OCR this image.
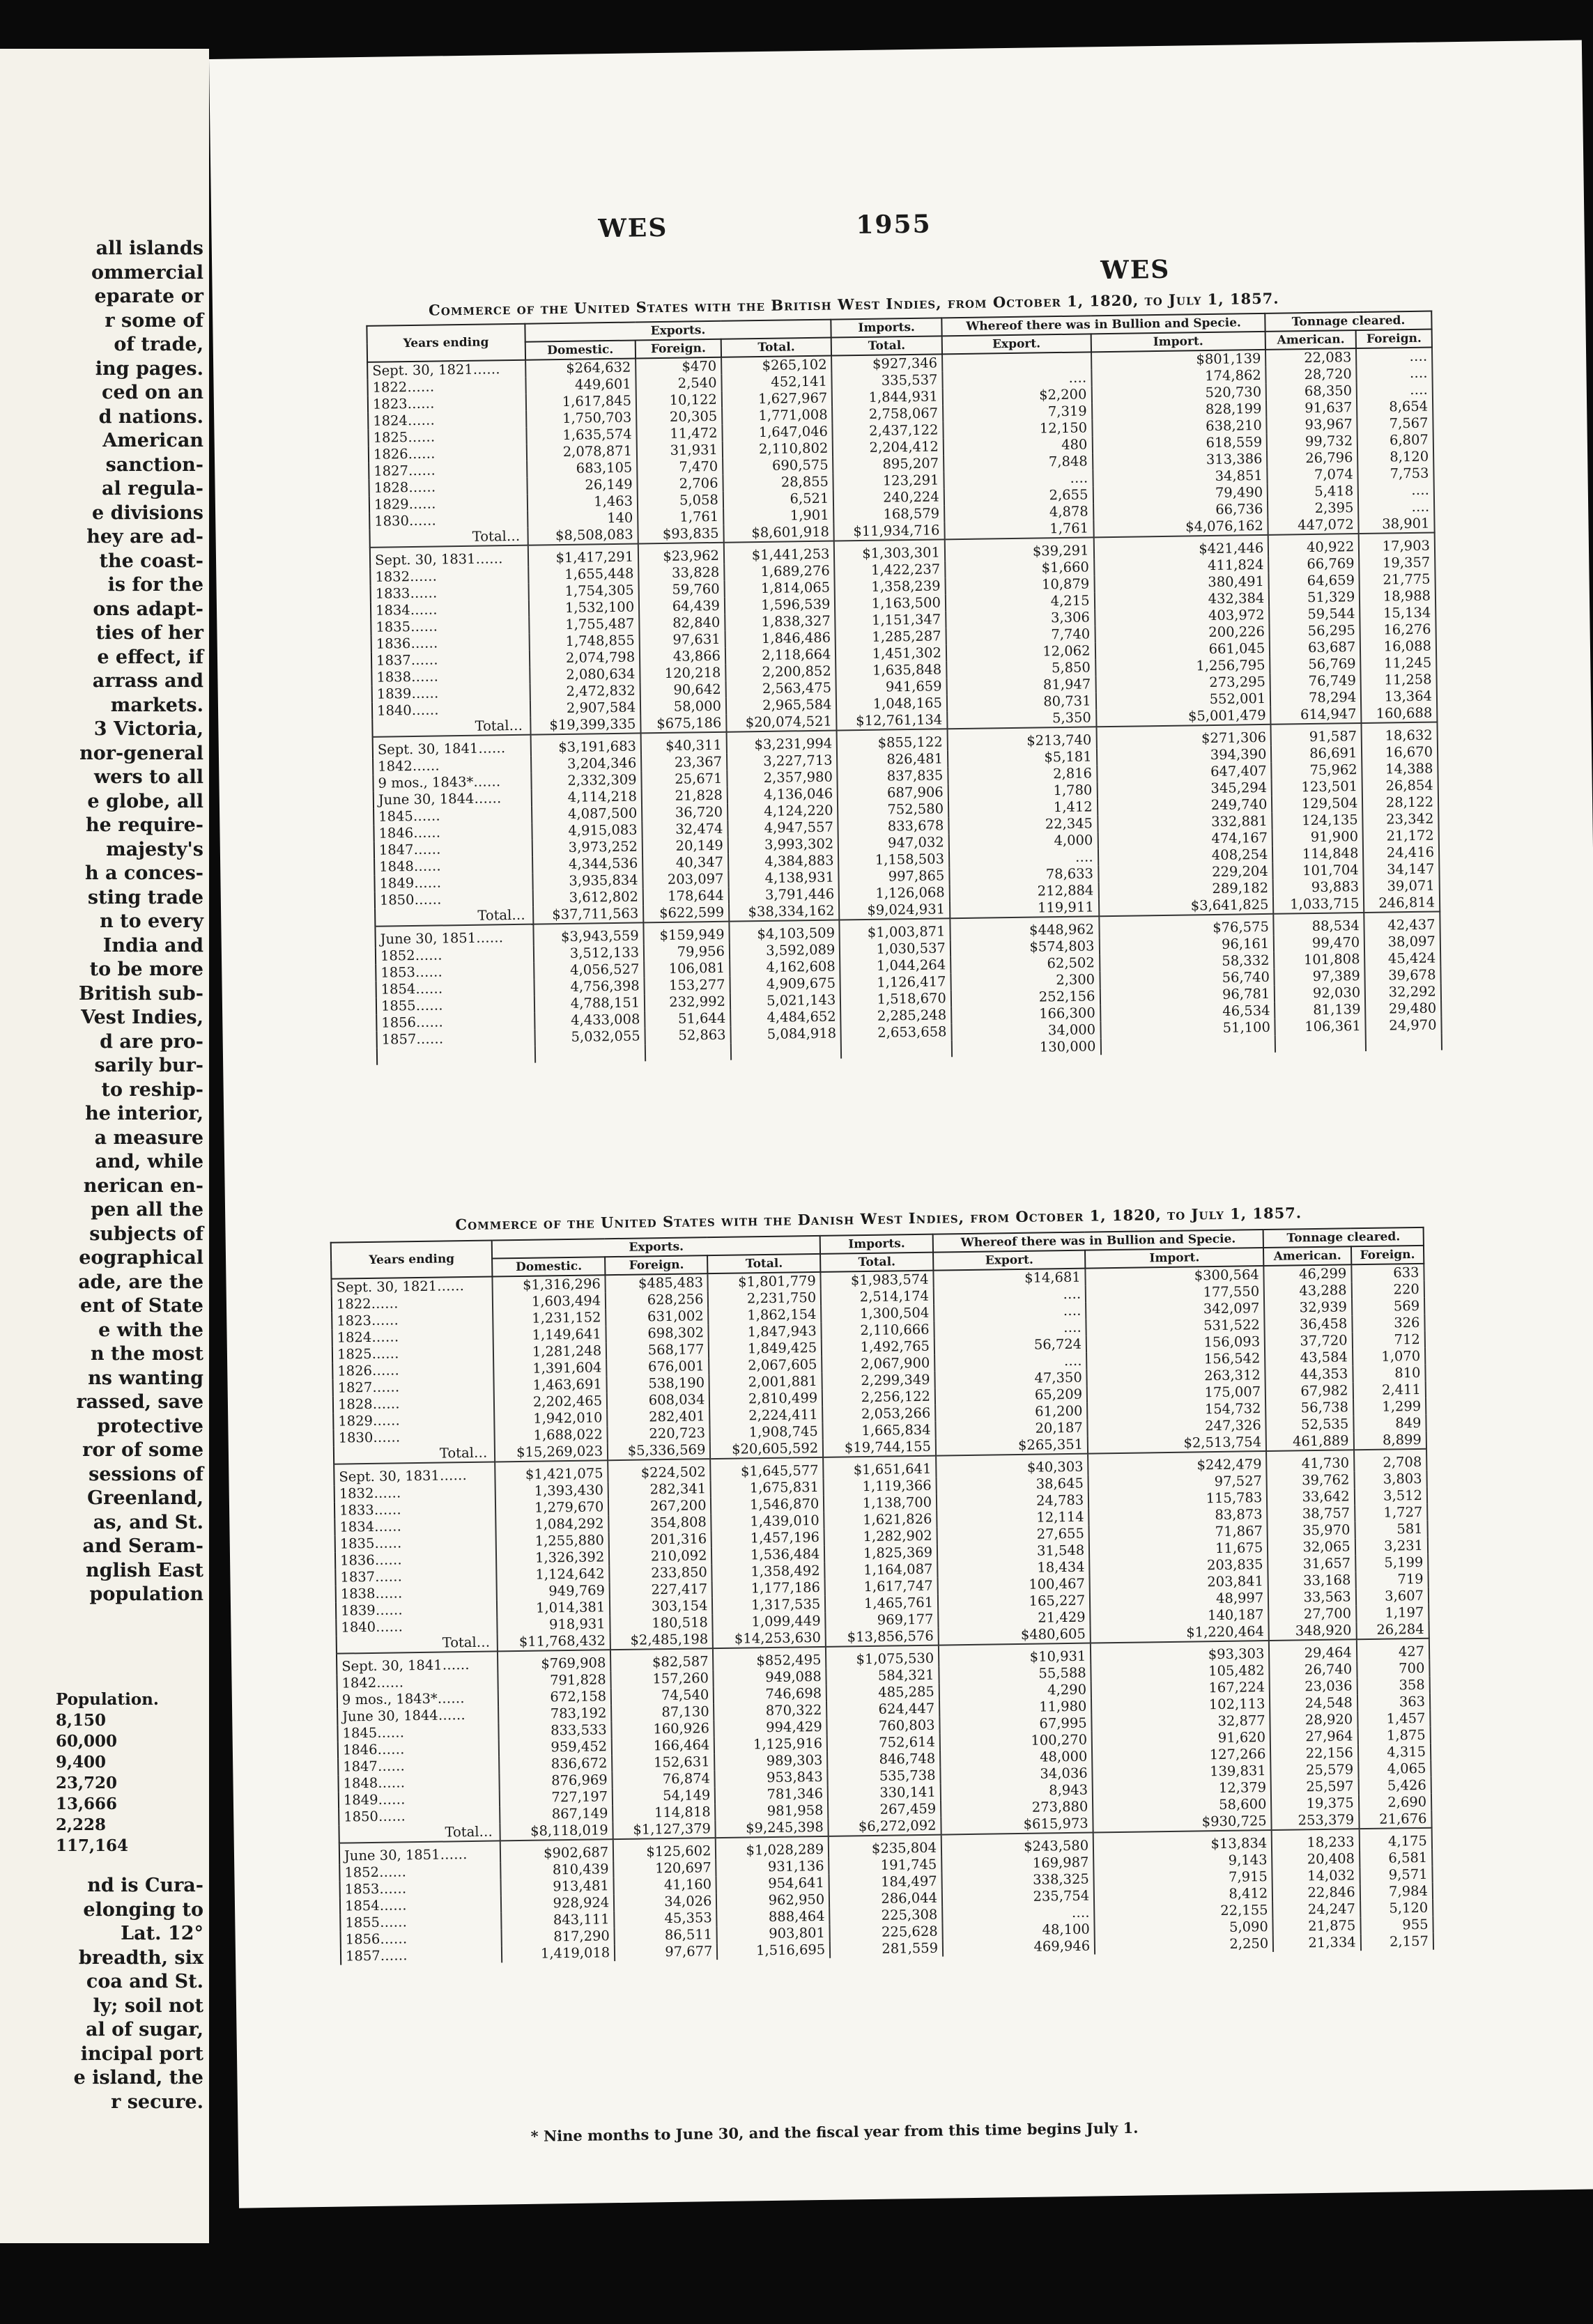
all islands
ommercial
eparate or
r some of
of trade,
ing pages.
ced on an
d nations.
American
sanction-
al regula-
e divisions
hey are ad-
the coast-
is for the
ons adapt-
ties of her
e effect, if
arrass and
markets.
3 Victoria,
nor-general
wers to all
e globe, all
he require-
majesty's
h a conces-
sting trade
n to every
India and
to be more
British sub-
Vest Indies,
d are pro-
sarily bur-
to reship-
he interior,
a measure
and, while
nerican en-
pen all the
subjects of
eographical
ade, are the
ent of State
e with the
n the most
ns wanting
rassed, save
protective
ror of some
sessions of
Greenland,
as, and St.
and Seram-
nglish East
population
Population.
8,150
60,000
9,400
23,720
13,666
2,228
117,164
nd is Cura-
elonging to
Lat. 12°
breadth, six
coa and St.
ly; soil not
al of sugar,
incipal port
e island, the
r secure.
WES	1955
WES
Commerce of the United States with the British West Indies, from October 1, 1820, to July 1, 1857.
Years ending	Exports.			Imports.	Whereof there was in Bullion and Specie.		Tonnage cleared.	
	Domestic.	Foreign.	Total.	Total.	Export.	Import.	American.	Foreign.

Sept. 30, 1821……	$264,632	$470	$265,102	$927,346		$801,139	22,083	….
1822……	449,601	2,540	452,141	335,537	….	174,862	28,720	….
1823……	1,617,845	10,122	1,627,967	1,844,931	$2,200	520,730	68,350	….
1824……	1,750,703	20,305	1,771,008	2,758,067	7,319	828,199	91,637	8,654
1825……	1,635,574	11,472	1,647,046	2,437,122	12,150	638,210	93,967	7,567
1826……	2,078,871	31,931	2,110,802	2,204,412	480	618,559	99,732	6,807
1827……	683,105	7,470	690,575	895,207	7,848	313,386	26,796	8,120
1828……	26,149	2,706	28,855	123,291	….	34,851	7,074	7,753
1829……	1,463	5,058	6,521	240,224	2,655	79,490	5,418	….
1830……	140	1,761	1,901	168,579	4,878	66,736	2,395	….
Total…	$8,508,083	$93,835	$8,601,918	$11,934,716	1,761	$4,076,162	447,072	38,901
Sept. 30, 1831……	$1,417,291	$23,962	$1,441,253	$1,303,301	$39,291	$421,446	40,922	17,903
1832……	1,655,448	33,828	1,689,276	1,422,237	$1,660	411,824	66,769	19,357
1833……	1,754,305	59,760	1,814,065	1,358,239	10,879	380,491	64,659	21,775
1834……	1,532,100	64,439	1,596,539	1,163,500	4,215	432,384	51,329	18,988
1835……	1,755,487	82,840	1,838,327	1,151,347	3,306	403,972	59,544	15,134
1836……	1,748,855	97,631	1,846,486	1,285,287	7,740	200,226	56,295	16,276
1837……	2,074,798	43,866	2,118,664	1,451,302	12,062	661,045	63,687	16,088
1838……	2,080,634	120,218	2,200,852	1,635,848	5,850	1,256,795	56,769	11,245
1839……	2,472,832	90,642	2,563,475	941,659	81,947	273,295	76,749	11,258
1840……	2,907,584	58,000	2,965,584	1,048,165	80,731	552,001	78,294	13,364
Total…	$19,399,335	$675,186	$20,074,521	$12,761,134	5,350	$5,001,479	614,947	160,688
Sept. 30, 1841……	$3,191,683	$40,311	$3,231,994	$855,122	$213,740	$271,306	91,587	18,632
1842……	3,204,346	23,367	3,227,713	826,481	$5,181	394,390	86,691	16,670
9 mos., 1843*……	2,332,309	25,671	2,357,980	837,835	2,816	647,407	75,962	14,388
June 30, 1844……	4,114,218	21,828	4,136,046	687,906	1,780	345,294	123,501	26,854
1845……	4,087,500	36,720	4,124,220	752,580	1,412	249,740	129,504	28,122
1846……	4,915,083	32,474	4,947,557	833,678	22,345	332,881	124,135	23,342
1847……	3,973,252	20,149	3,993,302	947,032	4,000	474,167	91,900	21,172
1848……	4,344,536	40,347	4,384,883	1,158,503	….	408,254	114,848	24,416
1849……	3,935,834	203,097	4,138,931	997,865	78,633	229,204	101,704	34,147
1850……	3,612,802	178,644	3,791,446	1,126,068	212,884	289,182	93,883	39,071
Total…	$37,711,563	$622,599	$38,334,162	$9,024,931	119,911	$3,641,825	1,033,715	246,814
June 30, 1851……	$3,943,559	$159,949	$4,103,509	$1,003,871	$448,962	$76,575	88,534	42,437
1852……	3,512,133	79,956	3,592,089	1,030,537	$574,803	96,161	99,470	38,097
1853……	4,056,527	106,081	4,162,608	1,044,264	62,502	58,332	101,808	45,424
1854……	4,756,398	153,277	4,909,675	1,126,417	2,300	56,740	97,389	39,678
1855……	4,788,151	232,992	5,021,143	1,518,670	252,156	96,781	92,030	32,292
1856……	4,433,008	51,644	4,484,652	2,285,248	166,300	46,534	81,139	29,480
1857……	5,032,055	52,863	5,084,918	2,653,658	34,000	51,100	106,361	24,970
					130,000			
Commerce of the United States with the Danish West Indies, from October 1, 1820, to July 1, 1857.
Years ending	Exports.			Imports.	Whereof there was in Bullion and Specie.		Tonnage cleared.	
	Domestic.	Foreign.	Total.	Total.	Export.	Import.	American.	Foreign.

Sept. 30, 1821……	$1,316,296	$485,483	$1,801,779	$1,983,574	$14,681	$300,564	46,299	633
1822……	1,603,494	628,256	2,231,750	2,514,174	….	177,550	43,288	220
1823……	1,231,152	631,002	1,862,154	1,300,504	….	342,097	32,939	569
1824……	1,149,641	698,302	1,847,943	2,110,666	….	531,522	36,458	326
1825……	1,281,248	568,177	1,849,425	1,492,765	56,724	156,093	37,720	712
1826……	1,391,604	676,001	2,067,605	2,067,900	….	156,542	43,584	1,070
1827……	1,463,691	538,190	2,001,881	2,299,349	47,350	263,312	44,353	810
1828……	2,202,465	608,034	2,810,499	2,256,122	65,209	175,007	67,982	2,411
1829……	1,942,010	282,401	2,224,411	2,053,266	61,200	154,732	56,738	1,299
1830……	1,688,022	220,723	1,908,745	1,665,834	20,187	247,326	52,535	849
Total…	$15,269,023	$5,336,569	$20,605,592	$19,744,155	$265,351	$2,513,754	461,889	8,899
Sept. 30, 1831……	$1,421,075	$224,502	$1,645,577	$1,651,641	$40,303	$242,479	41,730	2,708
1832……	1,393,430	282,341	1,675,831	1,119,366	38,645	97,527	39,762	3,803
1833……	1,279,670	267,200	1,546,870	1,138,700	24,783	115,783	33,642	3,512
1834……	1,084,292	354,808	1,439,010	1,621,826	12,114	83,873	38,757	1,727
1835……	1,255,880	201,316	1,457,196	1,282,902	27,655	71,867	35,970	581
1836……	1,326,392	210,092	1,536,484	1,825,369	31,548	11,675	32,065	3,231
1837……	1,124,642	233,850	1,358,492	1,164,087	18,434	203,835	31,657	5,199
1838……	949,769	227,417	1,177,186	1,617,747	100,467	203,841	33,168	719
1839……	1,014,381	303,154	1,317,535	1,465,761	165,227	48,997	33,563	3,607
1840……	918,931	180,518	1,099,449	969,177	21,429	140,187	27,700	1,197
Total…	$11,768,432	$2,485,198	$14,253,630	$13,856,576	$480,605	$1,220,464	348,920	26,284
Sept. 30, 1841……	$769,908	$82,587	$852,495	$1,075,530	$10,931	$93,303	29,464	427
1842……	791,828	157,260	949,088	584,321	55,588	105,482	26,740	700
9 mos., 1843*……	672,158	74,540	746,698	485,285	4,290	167,224	23,036	358
June 30, 1844……	783,192	87,130	870,322	624,447	11,980	102,113	24,548	363
1845……	833,533	160,926	994,429	760,803	67,995	32,877	28,920	1,457
1846……	959,452	166,464	1,125,916	752,614	100,270	91,620	27,964	1,875
1847……	836,672	152,631	989,303	846,748	48,000	127,266	22,156	4,315
1848……	876,969	76,874	953,843	535,738	34,036	139,831	25,579	4,065
1849……	727,197	54,149	781,346	330,141	8,943	12,379	25,597	5,426
1850……	867,149	114,818	981,958	267,459	273,880	58,600	19,375	2,690
Total…	$8,118,019	$1,127,379	$9,245,398	$6,272,092	$615,973	$930,725	253,379	21,676
June 30, 1851……	$902,687	$125,602	$1,028,289	$235,804	$243,580	$13,834	18,233	4,175
1852……	810,439	120,697	931,136	191,745	169,987	9,143	20,408	6,581
1853……	913,481	41,160	954,641	184,497	338,325	7,915	14,032	9,571
1854……	928,924	34,026	962,950	286,044	235,754	8,412	22,846	7,984
1855……	843,111	45,353	888,464	225,308	….	22,155	24,247	5,120
1856……	817,290	86,511	903,801	225,628	48,100	5,090	21,875	955
1857……	1,419,018	97,677	1,516,695	281,559	469,946	2,250	21,334	2,157
* Nine months to June 30, and the fiscal year from this time begins July 1.
